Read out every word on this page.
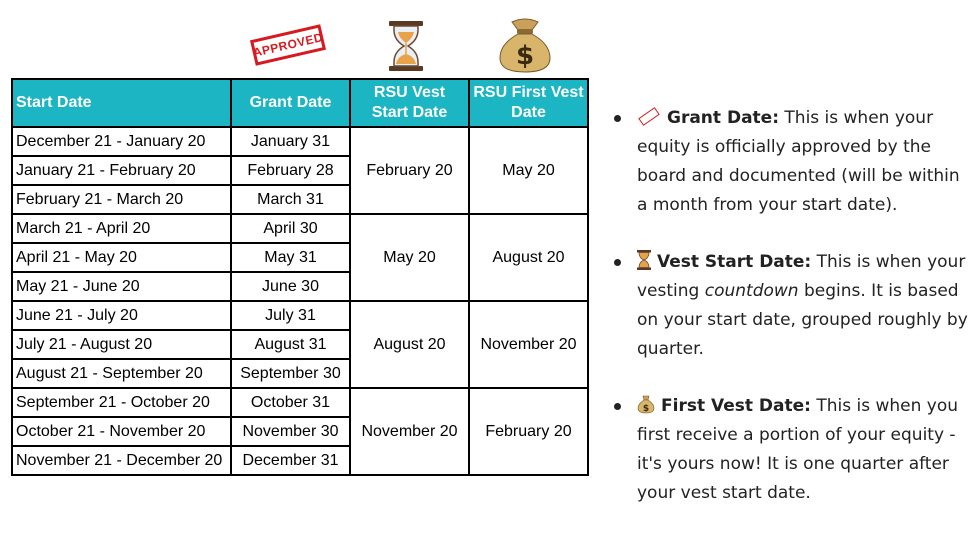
APPROVED	$
Start Date	Grant Date	RSU Vest Start Date	RSU First Vest Date
December 21 - January 20	January 31	February 20	May 20
January 21 - February 20	February 28		
February 21 - March 20	March 31		
March 21 - April 20	April 30	May 20	August 20
April 21 - May 20	May 31		
May 21 - June 20	June 30		
June 21 - July 20	July 31	August 20	November 20
July 21 - August 20	August 31		
August 21 - September 20	September 30		
September 21 - October 20	October 31	November 20	February 20
October 21 - November 20	November 30		
November 21 - December 20	December 31		
Grant Date: This is when your equity is officially approved by the board and documented (will be within a month from your start date).
Vest Start Date: This is when your vesting countdown begins. It is based on your start date, grouped roughly by quarter.
$ First Vest Date: This is when you first receive a portion of your equity - it's yours now! It is one quarter after your vest start date.
